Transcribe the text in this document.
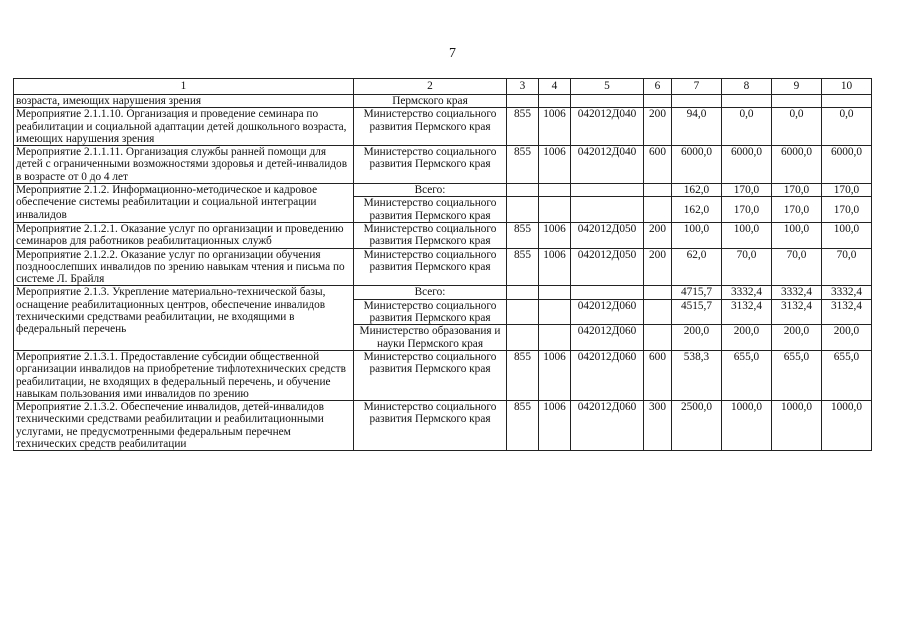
7
1	2	3	4	5	6	7	8	9	10
возраста, имеющих нарушения зрения	Пермского края								
Мероприятие 2.1.1.10. Организация и проведение семинара по реабилитации и социальной адаптации детей дошкольного возраста, имеющих нарушения зрения	Министерство социального развития Пермского края	855	1006	042012Д040	200	94,0	0,0	0,0	0,0
Мероприятие 2.1.1.11. Организация службы ранней помощи для детей с ограниченными возможностями здоровья и детей-инвалидов в возрасте от 0 до 4 лет	Министерство социального развития Пермского края	855	1006	042012Д040	600	6000,0	6000,0	6000,0	6000,0
Мероприятие 2.1.2. Информационно-методическое и кадровое обеспечение системы реабилитации и социальной интеграции инвалидов	Всего:					162,0	170,0	170,0	170,0
	Министерство социального развития Пермского края					162,0	170,0	170,0	170,0
Мероприятие 2.1.2.1. Оказание услуг по организации и проведению семинаров для работников реабилитационных служб	Министерство социального развития Пермского края	855	1006	042012Д050	200	100,0	100,0	100,0	100,0
Мероприятие 2.1.2.2. Оказание услуг по организации обучения поздноослепших инвалидов по зрению навыкам чтения и письма по системе Л. Брайля	Министерство социального развития Пермского края	855	1006	042012Д050	200	62,0	70,0	70,0	70,0
Мероприятие 2.1.3. Укрепление материально-технической базы, оснащение реабилитационных центров, обеспечение инвалидов техническими средствами реабилитации, не входящими в федеральный перечень	Всего:					4715,7	3332,4	3332,4	3332,4
	Министерство социального развития Пермского края			042012Д060		4515,7	3132,4	3132,4	3132,4
	Министерство образования и науки Пермского края			042012Д060		200,0	200,0	200,0	200,0
Мероприятие 2.1.3.1. Предоставление субсидии общественной организации инвалидов на приобретение тифлотехнических средств реабилитации, не входящих в федеральный перечень, и обучение навыкам пользования ими инвалидов по зрению	Министерство социального развития Пермского края	855	1006	042012Д060	600	538,3	655,0	655,0	655,0
Мероприятие 2.1.3.2. Обеспечение инвалидов, детей-инвалидов техническими средствами реабилитации и реабилитационными услугами, не предусмотренными федеральным перечнем технических средств реабилитации	Министерство социального развития Пермского края	855	1006	042012Д060	300	2500,0	1000,0	1000,0	1000,0
